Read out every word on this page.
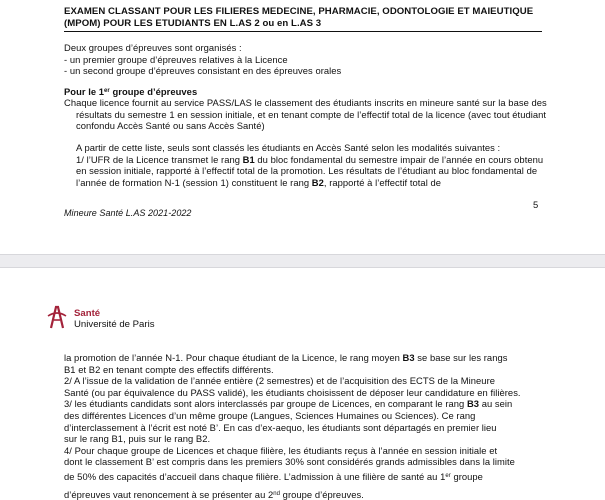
EXAMEN CLASSANT POUR LES FILIERES MEDECINE, PHARMACIE, ODONTOLOGIE ET MAIEUTIQUE
(MPOM) POUR LES ETUDIANTS EN L.AS 2 ou en L.AS 3
Deux groupes d’épreuves sont organisés :
- un premier groupe d’épreuves relatives à la Licence
- un second groupe d’épreuves consistant en des épreuves orales
Pour le 1er groupe d’épreuves
Chaque licence fournit au service PASS/LAS le classement des étudiants inscrits en mineure santé sur la base des résultats du semestre 1 en session initiale, et en tenant compte de l’effectif total de la licence (avec tout étudiant confondu Accès Santé ou sans Accès Santé)
A partir de cette liste, seuls sont classés les étudiants en Accès Santé selon les modalités suivantes :
1/ l’UFR de la Licence transmet le rang B1 du bloc fondamental du semestre impair de l’année en cours obtenu en session initiale, rapporté à l’effectif total de la promotion. Les résultats de l’étudiant au bloc fondamental de l’année de formation N-1 (session 1) constituent le rang B2, rapporté à l’effectif total de
5
Mineure Santé L.AS 2021-2022
Santé
Université de Paris
la promotion de l’année N-1. Pour chaque étudiant de la Licence, le rang moyen B3 se base sur les rangs
B1 et B2 en tenant compte des effectifs différents.
2/ A l’issue de la validation de l’année entière (2 semestres) et de l’acquisition des ECTS de la Mineure
Santé (ou par équivalence du PASS validé), les étudiants choisissent de déposer leur candidature en filières.
3/ les étudiants candidats sont alors interclassés par groupe de Licences, en comparant le rang B3 au sein
des différentes Licences d’un même groupe (Langues, Sciences Humaines ou Sciences). Ce rang
d’interclassement à l’écrit est noté B’. En cas d’ex-aequo, les étudiants sont départagés en premier lieu
sur le rang B1, puis sur le rang B2.
4/ Pour chaque groupe de Licences et chaque filière, les étudiants reçus à l’année en session initiale et
dont le classement B’ est compris dans les premiers 30% sont considérés grands admissibles dans la limite
de 50% des capacités d’accueil dans chaque filière. L’admission à une filière de santé au 1er groupe
d’épreuves vaut renoncement à se présenter au 2nd groupe d’épreuves.
